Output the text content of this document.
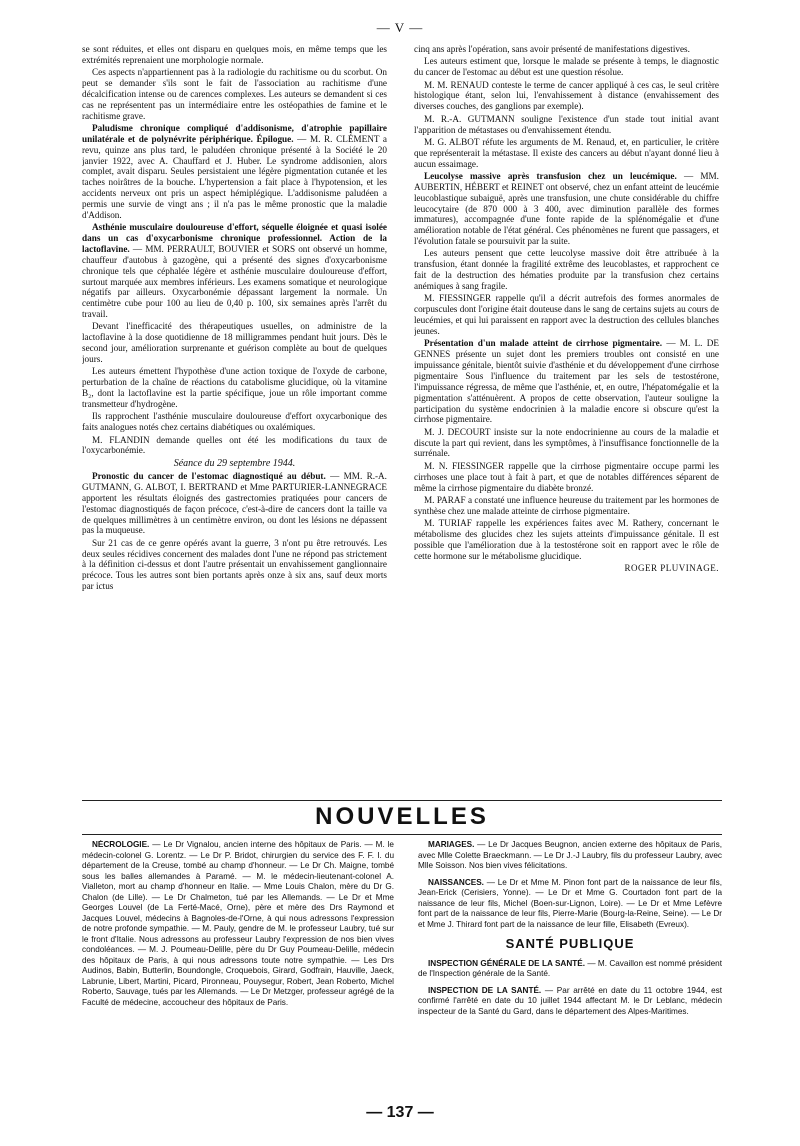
— V —

se sont réduites, et elles ont disparu en quelques mois, en même temps que les extrémités reprenaient une morphologie normale.

Ces aspects n'appartiennent pas à la radiologie du rachitisme ou du scorbut. On peut se demander s'ils sont le fait de l'association au rachitisme d'une décalcification intense ou de carences complexes. Les auteurs se demandent si ces cas ne représentent pas un intermédiaire entre les ostéopathies de famine et le rachitisme grave.

Paludisme chronique compliqué d'addisonisme, d'atrophie papillaire unilatérale et de polynévrite périphérique. Épilogue. — M. R. CLÉMENT a revu, quinze ans plus tard, le paludéen chronique présenté à la Société le 20 janvier 1922, avec A. Chauffard et J. Huber. Le syndrome addisonien, alors complet, avait disparu. Seules persistaient une légère pigmentation cutanée et les taches noirâtres de la bouche. L'hypertension a fait place à l'hypotension, et les accidents nerveux ont pris un aspect hémiplégique. L'addisonisme paludéen a permis une survie de vingt ans ; il n'a pas le même pronostic que la maladie d'Addison.

Asthénie musculaire douloureuse d'effort, séquelle éloignée et quasi isolée dans un cas d'oxycarbonisme chronique professionnel. Action de la lactoflavine. — MM. PERRAULT, BOUVIER et SORS ont observé un homme, chauffeur d'autobus à gazogène, qui a présenté des signes d'oxycarbonisme chronique tels que céphalée légère et asthénie musculaire douloureuse d'effort, surtout marquée aux membres inférieurs. Les examens somatique et neurologique négatifs par ailleurs. Oxycarbonémie dépassant largement la normale. Un centimètre cube pour 100 au lieu de 0,40 p. 100, six semaines après l'arrêt du travail.

Devant l'inefficacité des thérapeutiques usuelles, on administre de la lactoflavine à la dose quotidienne de 18 milligrammes pendant huit jours. Dès le second jour, amélioration surprenante et guérison complète au bout de quelques jours.

Les auteurs émettent l'hypothèse d'une action toxique de l'oxyde de carbone, perturbation de la chaîne de réactions du catabolisme glucidique, où la vitamine B₂, dont la lactoflavine est la partie spécifique, joue un rôle important comme transmetteur d'hydrogène.

Ils rapprochent l'asthénie musculaire douloureuse d'effort oxycarbonique des faits analogues notés chez certains diabétiques ou oxalémiques.

M. FLANDIN demande quelles ont été les modifications du taux de l'oxycarbonémie.

Séance du 29 septembre 1944.

Pronostic du cancer de l'estomac diagnostiqué au début. — MM. R.-A. GUTMANN, G. ALBOT, I. BERTRAND et Mme PARTURIER-LANNEGRACE apportent les résultats éloignés des gastrectomies pratiquées pour cancers de l'estomac diagnostiqués de façon précoce, c'est-à-dire de cancers dont la taille va de quelques millimètres à un centimètre environ, ou dont les lésions ne dépassent pas la muqueuse.

Sur 21 cas de ce genre opérés avant la guerre, 3 n'ont pu être retrouvés. Les deux seules récidives concernent des malades dont l'une ne répond pas strictement à la définition ci-dessus et dont l'autre présentait un envahissement ganglionnaire précoce. Tous les autres sont bien portants après onze à six ans, sauf deux morts par ictus

cinq ans après l'opération, sans avoir présenté de manifestations digestives.

Les auteurs estiment que, lorsque le malade se présente à temps, le diagnostic du cancer de l'estomac au début est une question résolue.

M. M. RENAUD conteste le terme de cancer appliqué à ces cas, le seul critère histologique étant, selon lui, l'envahissement à distance (envahissement des diverses couches, des ganglions par exemple).

M. R.-A. GUTMANN souligne l'existence d'un stade tout initial avant l'apparition de métastases ou d'envahissement étendu.

M. G. ALBOT réfute les arguments de M. Renaud, et, en particulier, le critère que représenterait la métastase. Il existe des cancers au début n'ayant donné lieu à aucun essaimage.

Leucolyse massive après transfusion chez un leucémique. — MM. AUBERTIN, HÉBERT et REINET ont observé, chez un enfant atteint de leucémie leucoblastique subaiguë, après une transfusion, une chute considérable du chiffre leucocytaire (de 870 000 à 3 400, avec diminution parallèle des formes immatures), accompagnée d'une fonte rapide de la splénomégalie et d'une amélioration notable de l'état général. Ces phénomènes ne furent que passagers, et l'évolution fatale se poursuivit par la suite.

Les auteurs pensent que cette leucolyse massive doit être attribuée à la transfusion, étant donnée la fragilité extrême des leucoblastes, et rapprochent ce fait de la destruction des hématies produite par la transfusion chez certains anémiques à sang fragile.

M. FIESSINGER rappelle qu'il a décrit autrefois des formes anormales de corpuscules dont l'origine était douteuse dans le sang de certains sujets au cours de leucémies, et qui lui paraissent en rapport avec la destruction des cellules blanches jeunes.

Présentation d'un malade atteint de cirrhose pigmentaire. — M. L. DE GENNES présente un sujet dont les premiers troubles ont consisté en une impuissance génitale, bientôt suivie d'asthénie et du développement d'une cirrhose pigmentaire Sous l'influence du traitement par les sels de testostérone, l'impuissance régressa, de même que l'asthénie, et, en outre, l'hépatomégalie et la pigmentation s'atténuèrent. A propos de cette observation, l'auteur souligne la participation du système endocrinien à la maladie encore si obscure qu'est la cirrhose pigmentaire.

M. J. DECOURT insiste sur la note endocrinienne au cours de la maladie et discute la part qui revient, dans les symptômes, à l'insuffisance fonctionnelle de la surrénale.

M. N. FIESSINGER rappelle que la cirrhose pigmentaire occupe parmi les cirrhoses une place tout à fait à part, et que de notables différences séparent de même la cirrhose pigmentaire du diabète bronzé.

M. PARAF a constaté une influence heureuse du traitement par les hormones de synthèse chez une malade atteinte de cirrhose pigmentaire.

M. TURIAF rappelle les expériences faites avec M. Rathery, concernant le métabolisme des glucides chez les sujets atteints d'impuissance génitale. Il est possible que l'amélioration due à la testostérone soit en rapport avec le rôle de cette hormone sur le métabolisme glucidique.

ROGER PLUVINAGE.

NOUVELLES

NÉCROLOGIE. — Le Dr Vignalou, ancien interne des hôpitaux de Paris. — M. le médecin-colonel G. Lorentz. — Le Dr P. Bridot, chirurgien du service des F. F. I. du département de la Creuse, tombé au champ d'honneur. — Le Dr Ch. Maigne, tombé sous les balles allemandes à Paramé. — M. le médecin-lieutenant-colonel A. Vialleton, mort au champ d'honneur en Italie. — Mme Louis Chalon, mère du Dr G. Chalon (de Lille). — Le Dr Chalmeton, tué par les Allemands. — Le Dr et Mme Georges Louvel (de La Ferté-Macé, Orne), père et mère des Drs Raymond et Jacques Louvel, médecins à Bagnoles-de-l'Orne, à qui nous adressons l'expression de notre profonde sympathie. — M. Pauly, gendre de M. le professeur Laubry, tué sur le front d'Italie. Nous adressons au professeur Laubry l'expression de nos bien vives condoléances. — M. J. Poumeau-Delille, père du Dr Guy Poumeau-Delille, médecin des hôpitaux de Paris, à qui nous adressons toute notre sympathie. — Les Drs Audinos, Babin, Butterlin, Boundongle, Croquebois, Girard, Godfrain, Hauville, Jaeck, Labrunie, Libert, Martini, Picard, Pironneau, Pouysegur, Robert, Jean Roberto, Michel Roberto, Sauvage, tués par les Allemands. — Le Dr Metzger, professeur agrégé de la Faculté de médecine, accoucheur des hôpitaux de Paris.

MARIAGES. — Le Dr Jacques Beugnon, ancien externe des hôpitaux de Paris, avec Mlle Colette Braeckmann. — Le Dr J.-J Laubry, fils du professeur Laubry, avec Mlle Soisson. Nos bien vives félicitations.

NAISSANCES. — Le Dr et Mme M. Pinon font part de la naissance de leur fils, Jean-Erick (Cerisiers, Yonne). — Le Dr et Mme G. Courtadon font part de la naissance de leur fils, Michel (Boen-sur-Lignon, Loire). — Le Dr et Mme Lefèvre font part de la naissance de leur fils, Pierre-Marie (Bourg-la-Reine, Seine). — Le Dr et Mme J. Thirard font part de la naissance de leur fille, Elisabeth (Evreux).

SANTÉ PUBLIQUE

INSPECTION GÉNÉRALE DE LA SANTÉ. — M. Cavaillon est nommé président de l'Inspection générale de la Santé.

INSPECTION DE LA SANTÉ. — Par arrêté en date du 11 octobre 1944, est confirmé l'arrêté en date du 10 juillet 1944 affectant M. le Dr Leblanc, médecin inspecteur de la Santé du Gard, dans le département des Alpes-Maritimes.

— 137 —
